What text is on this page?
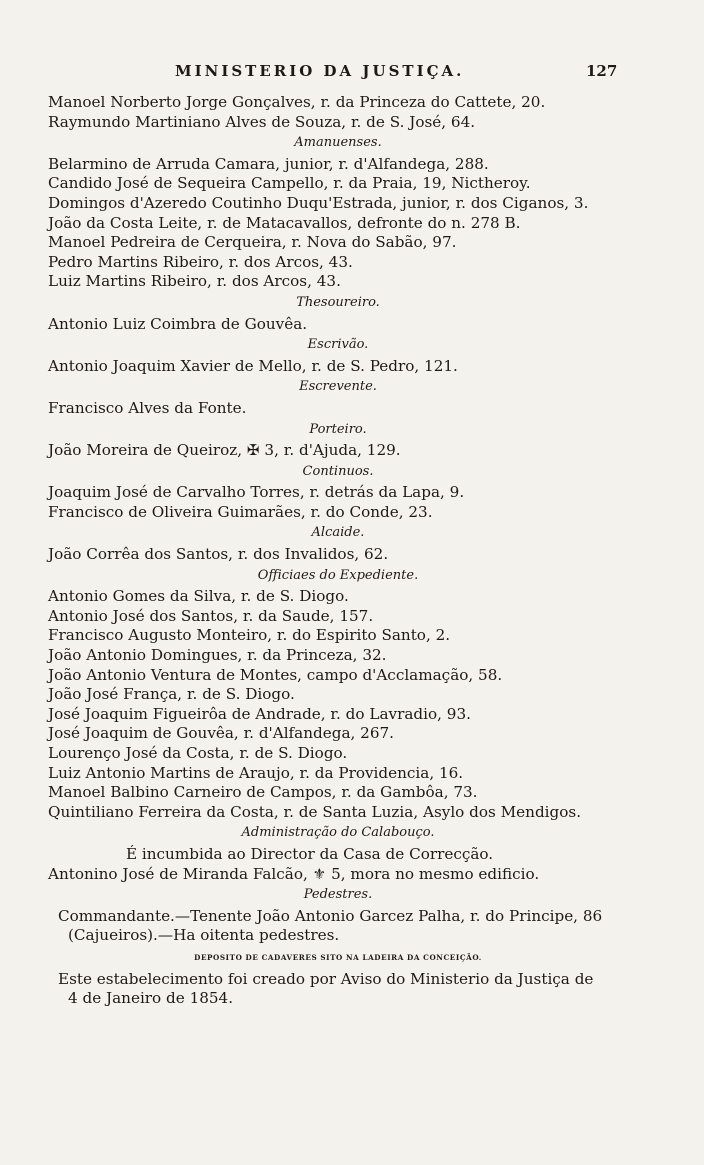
MINISTERIO DA JUSTIÇA.	127
Manoel Norberto Jorge Gonçalves, r. da Princeza do Cattete, 20.
Raymundo Martiniano Alves de Souza, r. de S. José, 64.
Amanuenses.
Belarmino de Arruda Camara, junior, r. d'Alfandega, 288.
Candido José de Sequeira Campello, r. da Praia, 19, Nictheroy.
Domingos d'Azeredo Coutinho Duqu'Estrada, junior, r. dos Ciganos, 3.
João da Costa Leite, r. de Matacavallos, defronte do n. 278 B.
Manoel Pedreira de Cerqueira, r. Nova do Sabão, 97.
Pedro Martins Ribeiro, r. dos Arcos, 43.
Luiz Martins Ribeiro, r. dos Arcos, 43.
Thesoureiro.
Antonio Luiz Coimbra de Gouvêa.
Escrivão.
Antonio Joaquim Xavier de Mello, r. de S. Pedro, 121.
Escrevente.
Francisco Alves da Fonte.
Porteiro.
João Moreira de Queiroz, ✠ 3, r. d'Ajuda, 129.
Continuos.
Joaquim José de Carvalho Torres, r. detrás da Lapa, 9.
Francisco de Oliveira Guimarães, r. do Conde, 23.
Alcaide.
João Corrêa dos Santos, r. dos Invalidos, 62.
Officiaes do Expediente.
Antonio Gomes da Silva, r. de S. Diogo.
Antonio José dos Santos, r. da Saude, 157.
Francisco Augusto Monteiro, r. do Espirito Santo, 2.
João Antonio Domingues, r. da Princeza, 32.
João Antonio Ventura de Montes, campo d'Acclamação, 58.
João José França, r. de S. Diogo.
José Joaquim Figueirôa de Andrade, r. do Lavradio, 93.
José Joaquim de Gouvêa, r. d'Alfandega, 267.
Lourenço José da Costa, r. de S. Diogo.
Luiz Antonio Martins de Araujo, r. da Providencia, 16.
Manoel Balbino Carneiro de Campos, r. da Gambôa, 73.
Quintiliano Ferreira da Costa, r. de Santa Luzia, Asylo dos Mendigos.
Administração do Calabouço.
É incumbida ao Director da Casa de Correcção.
Antonino José de Miranda Falcão, ⚜ 5, mora no mesmo edificio.
Pedestres.
Commandante.—Tenente João Antonio Garcez Palha, r. do Principe, 86
(Cajueiros).—Ha oitenta pedestres.
DEPOSITO DE CADAVERES SITO NA LADEIRA DA CONCEIÇÃO.
Este estabelecimento foi creado por Aviso do Ministerio da Justiça de
4 de Janeiro de 1854.
